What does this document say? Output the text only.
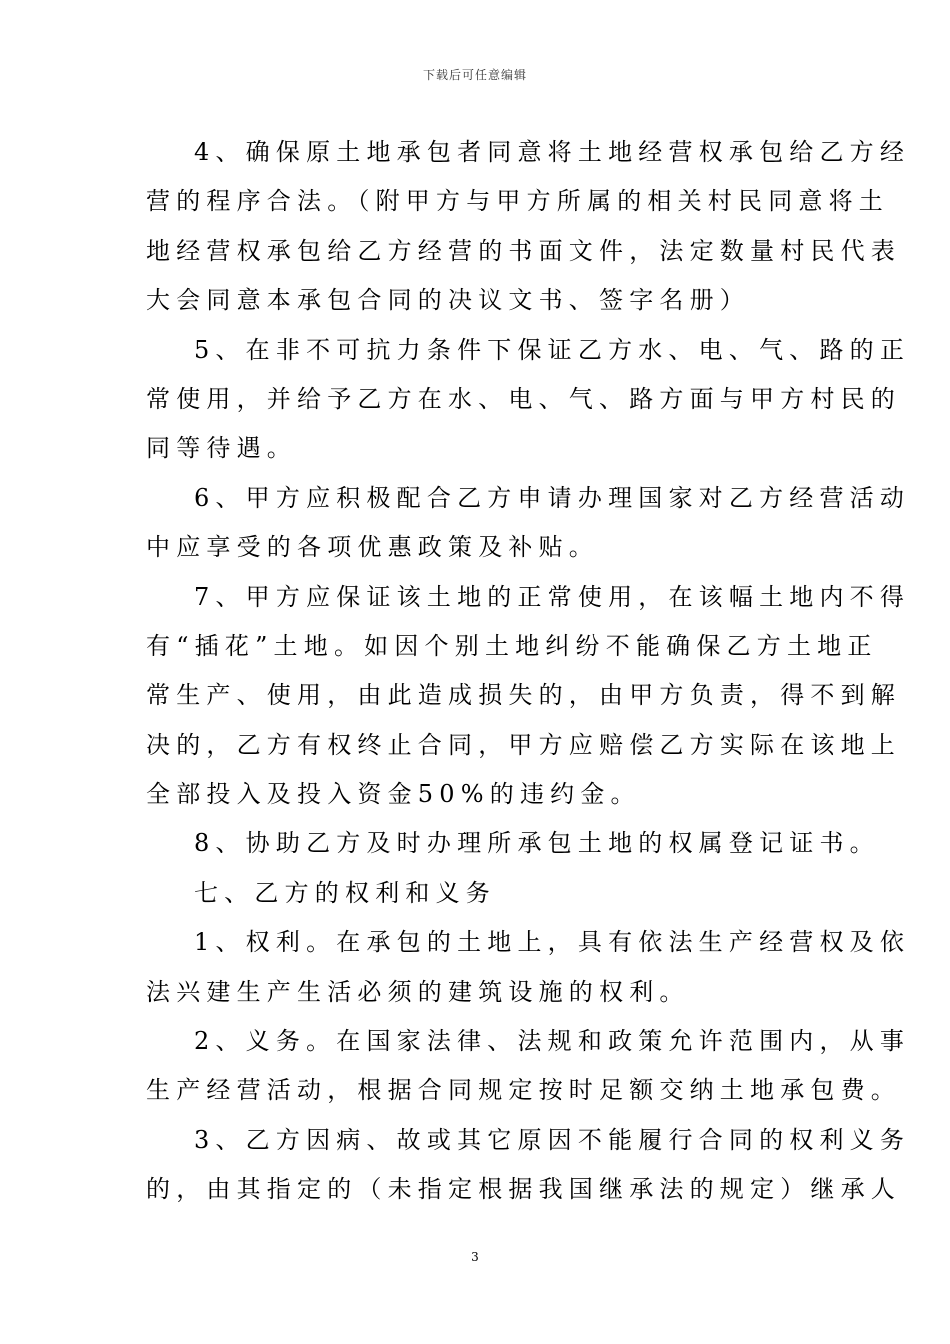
下载后可任意编辑
4、确保原土地承包者同意将土地经营权承包给乙方经
营的程序合法。（附甲方与甲方所属的相关村民同意将土
地经营权承包给乙方经营的书面文件，法定数量村民代表
大会同意本承包合同的决议文书、签字名册）
5、在非不可抗力条件下保证乙方水、电、气、路的正
常使用，并给予乙方在水、电、气、路方面与甲方村民的
同等待遇。
6、甲方应积极配合乙方申请办理国家对乙方经营活动
中应享受的各项优惠政策及补贴。
7、甲方应保证该土地的正常使用，在该幅土地内不得
有“插花”土地。如因个别土地纠纷不能确保乙方土地正
常生产、使用，由此造成损失的，由甲方负责，得不到解
决的，乙方有权终止合同，甲方应赔偿乙方实际在该地上
全部投入及投入资金50%的违约金。
8、协助乙方及时办理所承包土地的权属登记证书。
七、乙方的权利和义务
1、权利。在承包的土地上，具有依法生产经营权及依
法兴建生产生活必须的建筑设施的权利。
2、义务。在国家法律、法规和政策允许范围内，从事
生产经营活动，根据合同规定按时足额交纳土地承包费。
3、乙方因病、故或其它原因不能履行合同的权利义务
的，由其指定的（未指定根据我国继承法的规定）继承人
3
